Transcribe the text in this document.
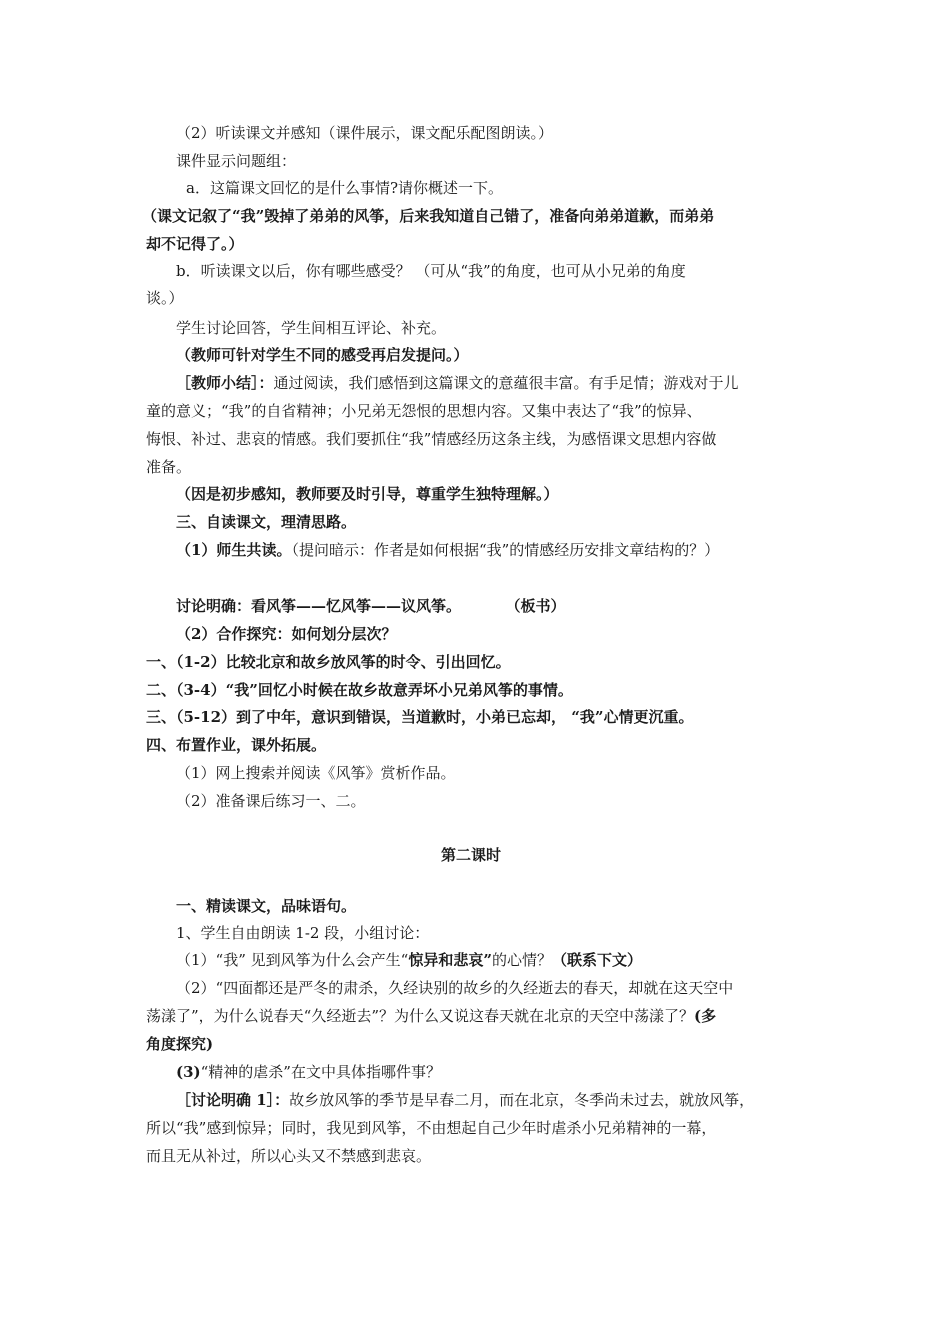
（2）听读课文并感知（课件展示，课文配乐配图朗读。）
课件显示问题组：
a．这篇课文回忆的是什么事情?请你概述一下。
（课文记叙了“我”毁掉了弟弟的风筝，后来我知道自己错了，准备向弟弟道歉，而弟弟
却不记得了。）
b．听读课文以后，你有哪些感受？ （可从“我”的角度，也可从小兄弟的角度
谈。）
学生讨论回答，学生间相互评论、补充。
（教师可针对学生不同的感受再启发提问。）
［教师小结］：通过阅读，我们感悟到这篇课文的意蕴很丰富。有手足情；游戏对于儿
童的意义；“我”的自省精神；小兄弟无怨恨的思想内容。又集中表达了“我”的惊异、
悔恨、补过、悲哀的情感。我们要抓住“我”情感经历这条主线，为感悟课文思想内容做
准备。
（因是初步感知，教师要及时引导，尊重学生独特理解。）
三、自读课文，理清思路。
（1）师生共读。（提问暗示：作者是如何根据“我”的情感经历安排文章结构的？）
讨论明确：看风筝——忆风筝——议风筝。	（板书）
（2）合作探究：如何划分层次？
一、（1-2）比较北京和故乡放风筝的时令、引出回忆。
二、（3-4）“我”回忆小时候在故乡故意弄坏小兄弟风筝的事情。
三、（5-12）到了中年，意识到错误，当道歉时，小弟已忘却， “我”心情更沉重。
四、布置作业，课外拓展。
（1）网上搜索并阅读《风筝》赏析作品。
（2）准备课后练习一、二。
第二课时
一、精读课文，品味语句。
1、学生自由朗读 1-2 段，小组讨论：
（1）“我” 见到风筝为什么会产生“惊异和悲哀”的心情？（联系下文）
（2）“四面都还是严冬的肃杀，久经诀别的故乡的久经逝去的春天，却就在这天空中
荡漾了”，为什么说春天“久经逝去”？为什么又说这春天就在北京的天空中荡漾了？(多
角度探究)
(3)“精神的虐杀”在文中具体指哪件事？
［讨论明确 1］：故乡放风筝的季节是早春二月，而在北京，冬季尚未过去，就放风筝，
所以“我”感到惊异；同时，我见到风筝，不由想起自己少年时虐杀小兄弟精神的一幕，
而且无从补过，所以心头又不禁感到悲哀。
